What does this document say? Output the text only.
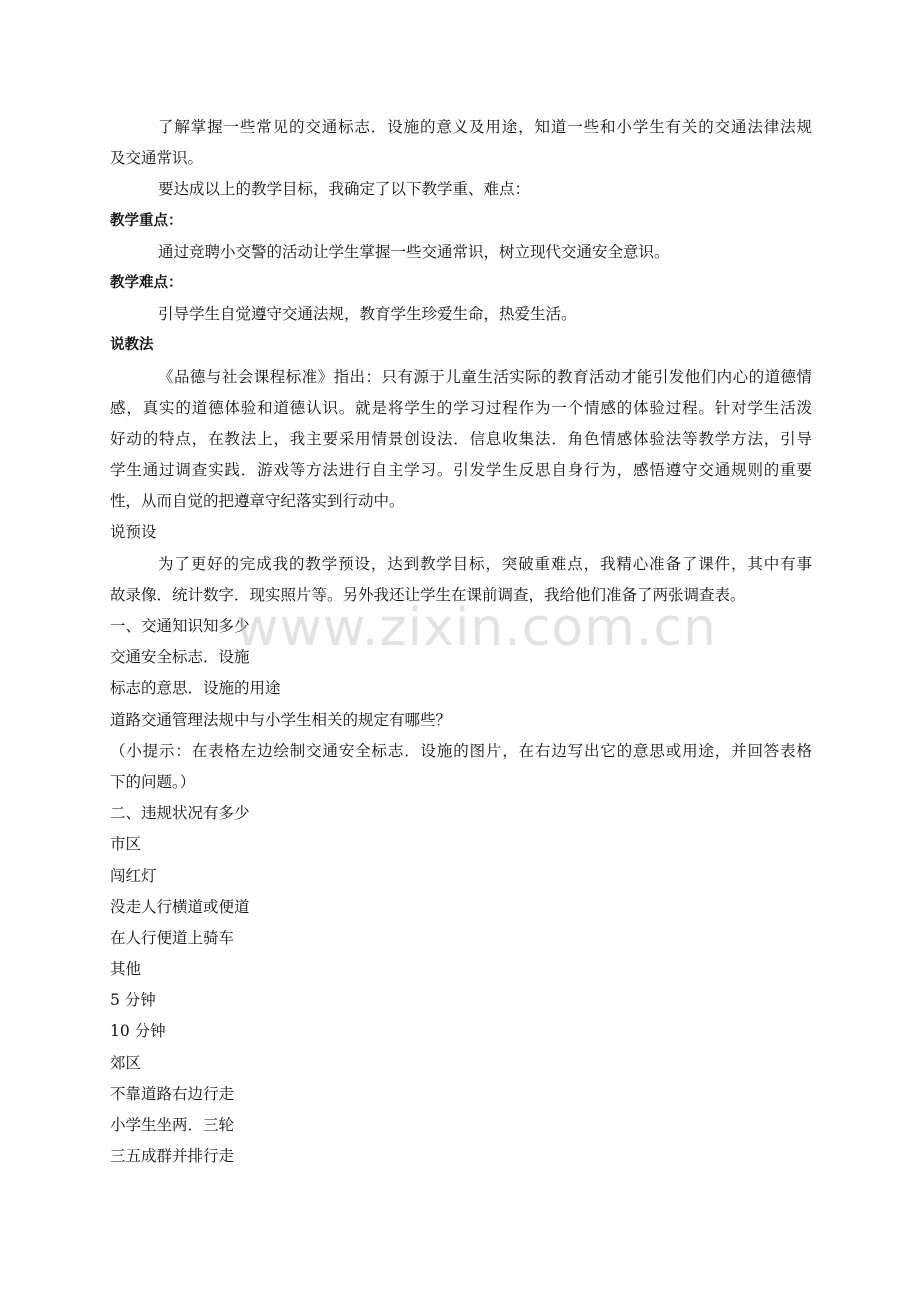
了解掌握一些常见的交通标志．设施的意义及用途，知道一些和小学生有关的交通法律法规
及交通常识。
要达成以上的教学目标，我确定了以下教学重、难点：
教学重点：
通过竞聘小交警的活动让学生掌握一些交通常识，树立现代交通安全意识。
教学难点：
引导学生自觉遵守交通法规，教育学生珍爱生命，热爱生活。
说教法
《品德与社会课程标准》指出：只有源于儿童生活实际的教育活动才能引发他们内心的道德情
感，真实的道德体验和道德认识。就是将学生的学习过程作为一个情感的体验过程。针对学生活泼
好动的特点，在教法上，我主要采用情景创设法．信息收集法．角色情感体验法等教学方法，引导
学生通过调查实践．游戏等方法进行自主学习。引发学生反思自身行为，感悟遵守交通规则的重要
性，从而自觉的把遵章守纪落实到行动中。
说预设
为了更好的完成我的教学预设，达到教学目标，突破重难点，我精心准备了课件，其中有事
故录像．统计数字．现实照片等。另外我还让学生在课前调查，我给他们准备了两张调查表。
一、交通知识知多少
交通安全标志．设施
标志的意思．设施的用途
道路交通管理法规中与小学生相关的规定有哪些？
（小提示：在表格左边绘制交通安全标志．设施的图片，在右边写出它的意思或用途，并回答表格
下的问题。）
二、违规状况有多少
市区
闯红灯
没走人行横道或便道
在人行便道上骑车
其他
5 分钟
10 分钟
郊区
不靠道路右边行走
小学生坐两．三轮
三五成群并排行走
www.zixin.com.cn
